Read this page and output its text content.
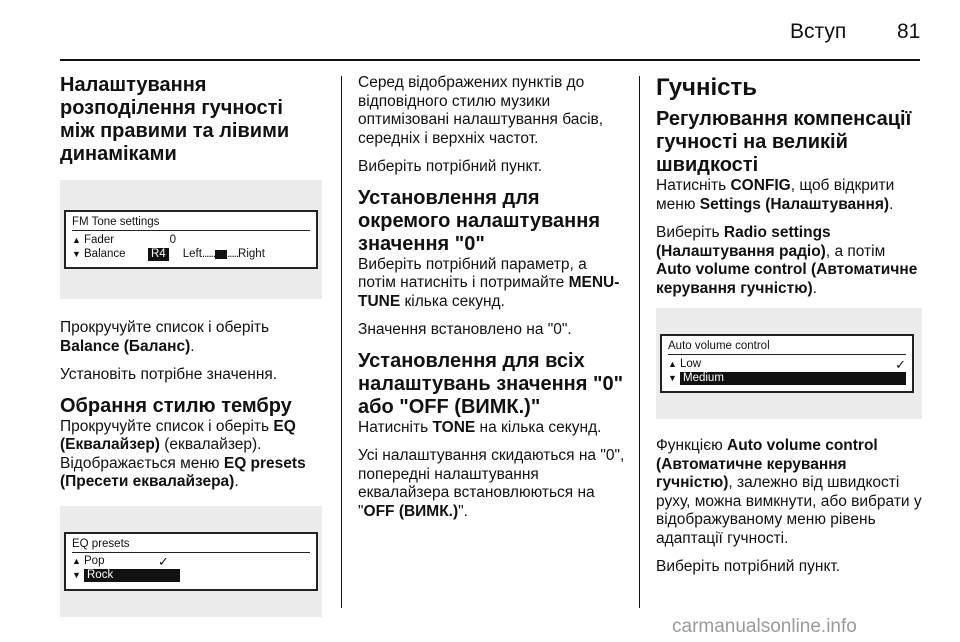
Вступ 81
Налаштування розподілення гучності між правими та лівими динаміками
FM Tone settings
▲ Fader	0
▼ Balance	R4 Left ...... ..... Right

Прокручуйте список і оберіть Balance (Баланс).

Установіть потрібне значення.

Обрання стилю тембру

Прокручуйте список і оберіть EQ (Еквалайзер) (еквалайзер). Відображається меню EQ presets (Пресети еквалайзера).

EQ presets
▲ Pop	✓
▼ Rock

Серед відображених пунктів до відповідного стилю музики оптимізовані налаштування басів, середніх і верхніх частот.

Виберіть потрібний пункт.

Установлення для окремого налаштування значення "0"

Виберіть потрібний параметр, а потім натисніть і потримайте MENU-TUNE кілька секунд.

Значення встановлено на "0".

Установлення для всіх налаштувань значення "0" або "OFF (ВИМК.)"

Натисніть TONE на кілька секунд.

Усі налаштування скидаються на "0", попередні налаштування еквалайзера встановлюються на "OFF (ВИМК.)".

Гучність
Регулювання компенсації гучності на великій швидкості

Натисніть CONFIG, щоб відкрити меню Settings (Налаштування).

Виберіть Radio settings (Налаштування радіо), а потім Auto volume control (Автоматичне керування гучністю).

Auto volume control
▲ Low	✓
▼ Medium

Функцією Auto volume control (Автоматичне керування гучністю), залежно від швидкості руху, можна вимкнути, або вибрати у відображуваному меню рівень адаптації гучності.

Виберіть потрібний пункт.

carmanualsonline.info
